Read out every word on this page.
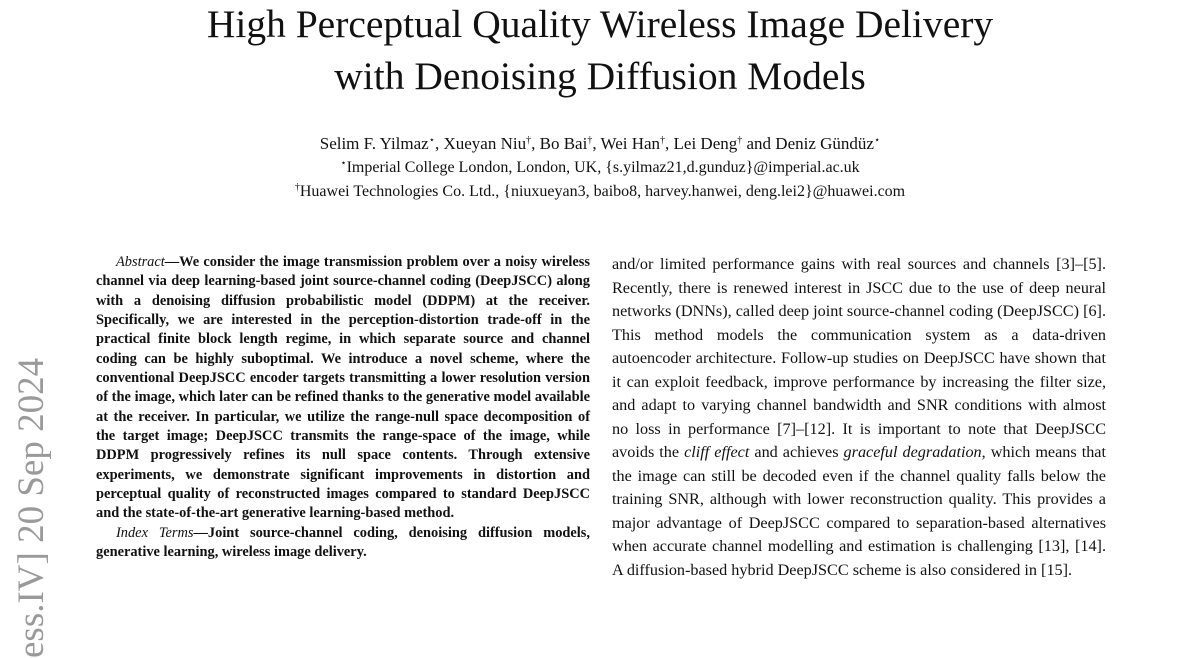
High Perceptual Quality Wireless Image Delivery
with Denoising Diffusion Models
Selim F. Yilmaz⋆, Xueyan Niu†, Bo Bai†, Wei Han†, Lei Deng† and Deniz Gündüz⋆
⋆Imperial College London, London, UK, {s.yilmaz21,d.gunduz}@imperial.ac.uk
†Huawei Technologies Co. Ltd., {niuxueyan3, baibo8, harvey.hanwei, deng.lei2}@huawei.com
ess.IV] 20 Sep 2024

Abstract—We consider the image transmission problem over a noisy wireless channel via deep learning-based joint source-channel coding (DeepJSCC) along with a denoising diffusion probabilistic model (DDPM) at the receiver. Specifically, we are interested in the perception-distortion trade-off in the practical finite block length regime, in which separate source and channel coding can be highly suboptimal. We introduce a novel scheme, where the conventional DeepJSCC encoder targets transmitting a lower resolution version of the image, which later can be refined thanks to the generative model available at the receiver. In particular, we utilize the range-null space decomposition of the target image; DeepJSCC transmits the range-space of the image, while DDPM progressively refines its null space contents. Through extensive experiments, we demonstrate significant improvements in distortion and perceptual quality of reconstructed images compared to standard DeepJSCC and the state-of-the-art generative learning-based method.

Index Terms—Joint source-channel coding, denoising diffusion models, generative learning, wireless image delivery.

and/or limited performance gains with real sources and channels [3]–[5]. Recently, there is renewed interest in JSCC due to the use of deep neural networks (DNNs), called deep joint source-channel coding (DeepJSCC) [6]. This method models the communication system as a data-driven autoencoder architecture. Follow-up studies on DeepJSCC have shown that it can exploit feedback, improve performance by increasing the filter size, and adapt to varying channel bandwidth and SNR conditions with almost no loss in performance [7]–[12]. It is important to note that DeepJSCC avoids the cliff effect and achieves graceful degradation, which means that the image can still be decoded even if the channel quality falls below the training SNR, although with lower reconstruction quality. This provides a major advantage of DeepJSCC compared to separation-based alternatives when accurate channel modelling and estimation is challenging [13], [14]. A diffusion-based hybrid DeepJSCC scheme is also considered in [15].
